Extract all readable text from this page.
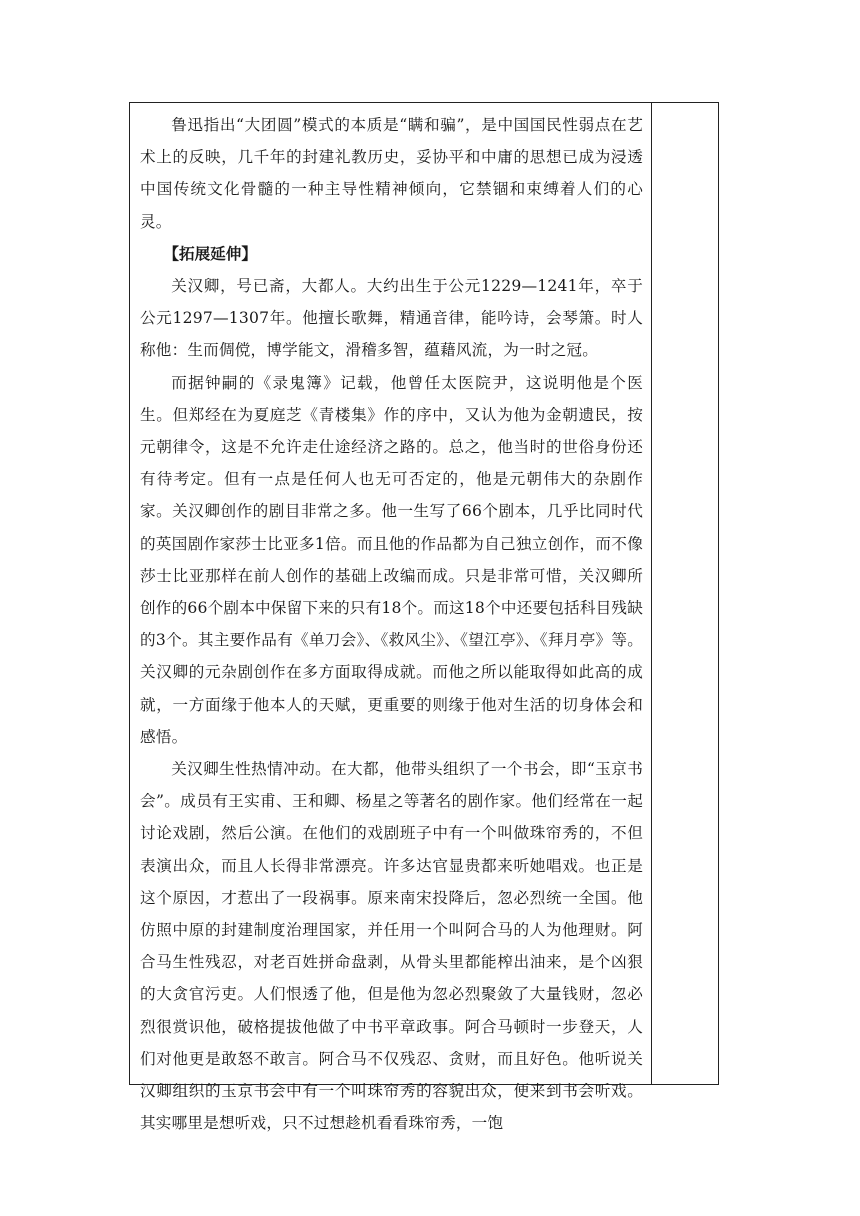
鲁迅指出“大团圆”模式的本质是“瞒和骗”，是中国国民性弱点在艺术上的反映，几千年的封建礼教历史，妥协平和中庸的思想已成为浸透中国传统文化骨髓的一种主导性精神倾向，它禁锢和束缚着人们的心灵。

【拓展延伸】

关汉卿，号已斋，大都人。大约出生于公元1229—1241年，卒于公元1297—1307年。他擅长歌舞，精通音律，能吟诗，会琴箫。时人称他：生而倜傥，博学能文，滑稽多智，蕴藉风流，为一时之冠。

而据钟嗣的《录鬼簿》记载，他曾任太医院尹，这说明他是个医生。但郑经在为夏庭芝《青楼集》作的序中，又认为他为金朝遗民，按元朝律令，这是不允许走仕途经济之路的。总之，他当时的世俗身份还有待考定。但有一点是任何人也无可否定的，他是元朝伟大的杂剧作家。关汉卿创作的剧目非常之多。他一生写了66个剧本，几乎比同时代的英国剧作家莎士比亚多1倍。而且他的作品都为自己独立创作，而不像莎士比亚那样在前人创作的基础上改编而成。只是非常可惜，关汉卿所创作的66个剧本中保留下来的只有18个。而这18个中还要包括科目残缺的3个。其主要作品有《单刀会》、《救风尘》、《望江亭》、《拜月亭》等。关汉卿的元杂剧创作在多方面取得成就。而他之所以能取得如此高的成就，一方面缘于他本人的天赋，更重要的则缘于他对生活的切身体会和感悟。

关汉卿生性热情冲动。在大都，他带头组织了一个书会，即“玉京书会”。成员有王实甫、王和卿、杨星之等著名的剧作家。他们经常在一起讨论戏剧，然后公演。在他们的戏剧班子中有一个叫做珠帘秀的，不但表演出众，而且人长得非常漂亮。许多达官显贵都来听她唱戏。也正是这个原因，才惹出了一段祸事。原来南宋投降后，忽必烈统一全国。他仿照中原的封建制度治理国家，并任用一个叫阿合马的人为他理财。阿合马生性残忍，对老百姓拼命盘剥，从骨头里都能榨出油来，是个凶狠的大贪官污吏。人们恨透了他，但是他为忽必烈聚敛了大量钱财，忽必烈很赏识他，破格提拔他做了中书平章政事。阿合马顿时一步登天，人们对他更是敢怒不敢言。阿合马不仅残忍、贪财，而且好色。他听说关汉卿组织的玉京书会中有一个叫珠帘秀的容貌出众，便来到书会听戏。其实哪里是想听戏，只不过想趁机看看珠帘秀，一饱
